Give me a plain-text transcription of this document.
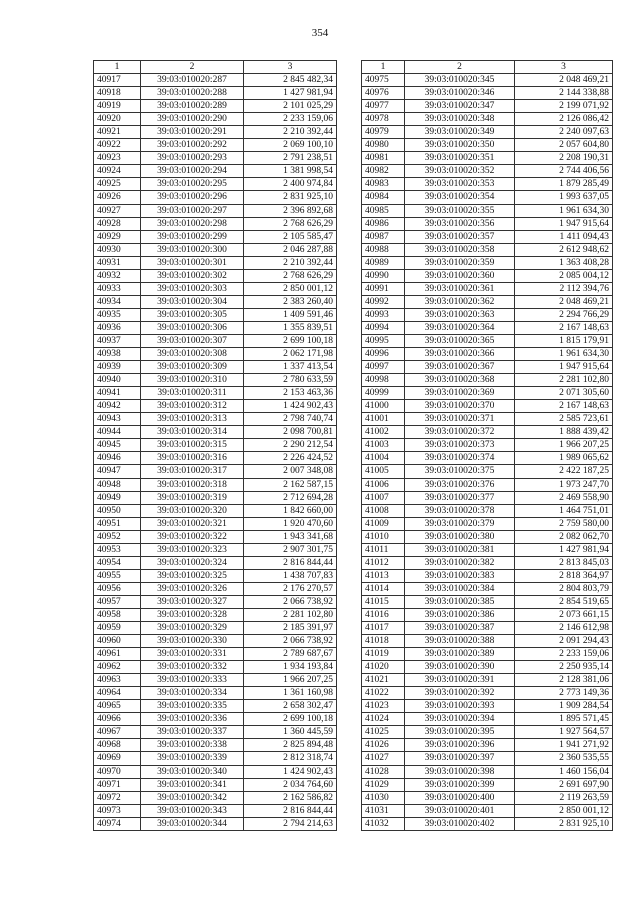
354
1	2	3
40917	39:03:010020:287	2 845 482,34
40918	39:03:010020:288	1 427 981,94
40919	39:03:010020:289	2 101 025,29
40920	39:03:010020:290	2 233 159,06
40921	39:03:010020:291	2 210 392,44
40922	39:03:010020:292	2 069 100,10
40923	39:03:010020:293	2 791 238,51
40924	39:03:010020:294	1 381 998,54
40925	39:03:010020:295	2 400 974,84
40926	39:03:010020:296	2 831 925,10
40927	39:03:010020:297	2 396 892,68
40928	39:03:010020:298	2 768 626,29
40929	39:03:010020:299	2 105 585,47
40930	39:03:010020:300	2 046 287,88
40931	39:03:010020:301	2 210 392,44
40932	39:03:010020:302	2 768 626,29
40933	39:03:010020:303	2 850 001,12
40934	39:03:010020:304	2 383 260,40
40935	39:03:010020:305	1 409 591,46
40936	39:03:010020:306	1 355 839,51
40937	39:03:010020:307	2 699 100,18
40938	39:03:010020:308	2 062 171,98
40939	39:03:010020:309	1 337 413,54
40940	39:03:010020:310	2 780 633,59
40941	39:03:010020:311	2 153 463,36
40942	39:03:010020:312	1 424 902,43
40943	39:03:010020:313	2 798 740,74
40944	39:03:010020:314	2 098 700,81
40945	39:03:010020:315	2 290 212,54
40946	39:03:010020:316	2 226 424,52
40947	39:03:010020:317	2 007 348,08
40948	39:03:010020:318	2 162 587,15
40949	39:03:010020:319	2 712 694,28
40950	39:03:010020:320	1 842 660,00
40951	39:03:010020:321	1 920 470,60
40952	39:03:010020:322	1 943 341,68
40953	39:03:010020:323	2 907 301,75
40954	39:03:010020:324	2 816 844,44
40955	39:03:010020:325	1 438 707,83
40956	39:03:010020:326	2 176 270,57
40957	39:03:010020:327	2 066 738,92
40958	39:03:010020:328	2 281 102,80
40959	39:03:010020:329	2 185 391,97
40960	39:03:010020:330	2 066 738,92
40961	39:03:010020:331	2 789 687,67
40962	39:03:010020:332	1 934 193,84
40963	39:03:010020:333	1 966 207,25
40964	39:03:010020:334	1 361 160,98
40965	39:03:010020:335	2 658 302,47
40966	39:03:010020:336	2 699 100,18
40967	39:03:010020:337	1 360 445,59
40968	39:03:010020:338	2 825 894,48
40969	39:03:010020:339	2 812 318,74
40970	39:03:010020:340	1 424 902,43
40971	39:03:010020:341	2 034 764,60
40972	39:03:010020:342	2 162 586,82
40973	39:03:010020:343	2 816 844,44
40974	39:03:010020:344	2 794 214,63
1	2	3
40975	39:03:010020:345	2 048 469,21
40976	39:03:010020:346	2 144 338,88
40977	39:03:010020:347	2 199 071,92
40978	39:03:010020:348	2 126 086,42
40979	39:03:010020:349	2 240 097,63
40980	39:03:010020:350	2 057 604,80
40981	39:03:010020:351	2 208 190,31
40982	39:03:010020:352	2 744 406,56
40983	39:03:010020:353	1 879 285,49
40984	39:03:010020:354	1 993 637,05
40985	39:03:010020:355	1 961 634,30
40986	39:03:010020:356	1 947 915,64
40987	39:03:010020:357	1 411 094,43
40988	39:03:010020:358	2 612 948,62
40989	39:03:010020:359	1 363 408,28
40990	39:03:010020:360	2 085 004,12
40991	39:03:010020:361	2 112 394,76
40992	39:03:010020:362	2 048 469,21
40993	39:03:010020:363	2 294 766,29
40994	39:03:010020:364	2 167 148,63
40995	39:03:010020:365	1 815 179,91
40996	39:03:010020:366	1 961 634,30
40997	39:03:010020:367	1 947 915,64
40998	39:03:010020:368	2 281 102,80
40999	39:03:010020:369	2 071 305,60
41000	39:03:010020:370	2 167 148,63
41001	39:03:010020:371	2 585 723,61
41002	39:03:010020:372	1 888 439,42
41003	39:03:010020:373	1 966 207,25
41004	39:03:010020:374	1 989 065,62
41005	39:03:010020:375	2 422 187,25
41006	39:03:010020:376	1 973 247,70
41007	39:03:010020:377	2 469 558,90
41008	39:03:010020:378	1 464 751,01
41009	39:03:010020:379	2 759 580,00
41010	39:03:010020:380	2 082 062,70
41011	39:03:010020:381	1 427 981,94
41012	39:03:010020:382	2 813 845,03
41013	39:03:010020:383	2 818 364,97
41014	39:03:010020:384	2 804 803,79
41015	39:03:010020:385	2 854 519,65
41016	39:03:010020:386	2 073 661,15
41017	39:03:010020:387	2 146 612,98
41018	39:03:010020:388	2 091 294,43
41019	39:03:010020:389	2 233 159,06
41020	39:03:010020:390	2 250 935,14
41021	39:03:010020:391	2 128 381,06
41022	39:03:010020:392	2 773 149,36
41023	39:03:010020:393	1 909 284,54
41024	39:03:010020:394	1 895 571,45
41025	39:03:010020:395	1 927 564,57
41026	39:03:010020:396	1 941 271,92
41027	39:03:010020:397	2 360 535,55
41028	39:03:010020:398	1 460 156,04
41029	39:03:010020:399	2 691 697,90
41030	39:03:010020:400	2 119 263,59
41031	39:03:010020:401	2 850 001,12
41032	39:03:010020:402	2 831 925,10
